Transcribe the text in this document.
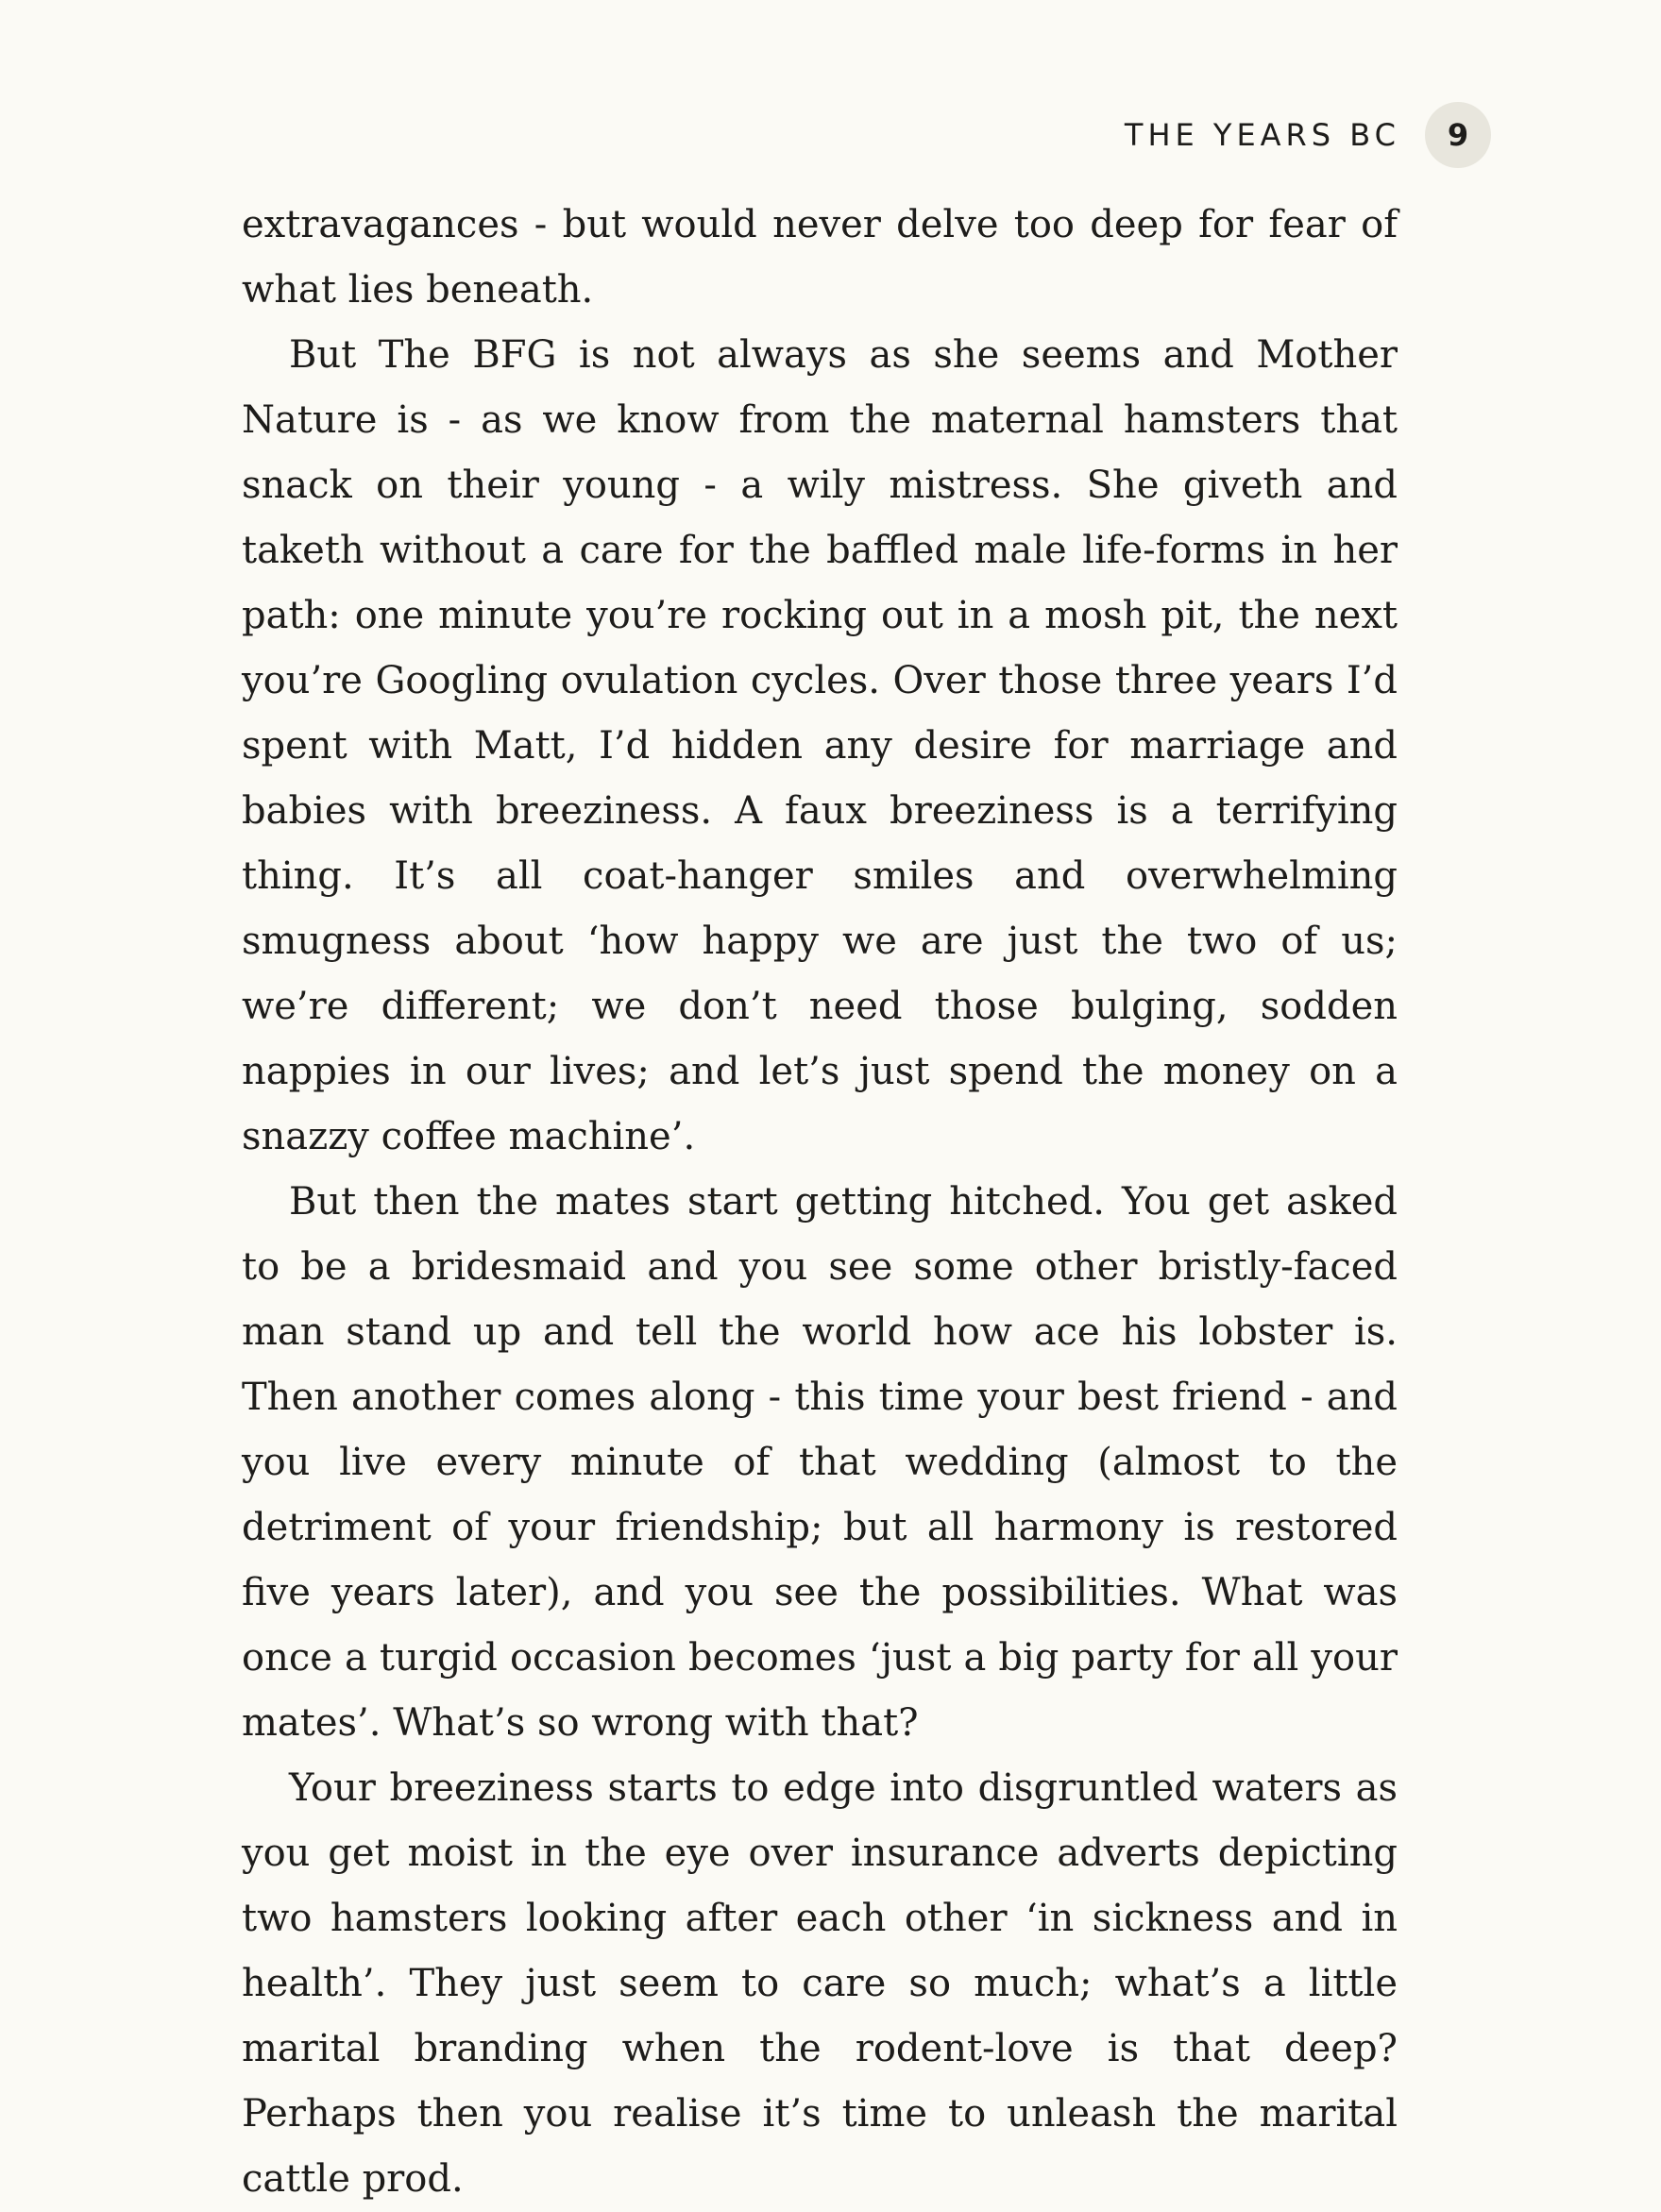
THE YEARS BC	9

extravagances - but would never delve too deep for fear of what lies beneath.

But The BFG is not always as she seems and Mother Nature is - as we know from the maternal hamsters that snack on their young - a wily mistress. She giveth and taketh without a care for the baffled male life-forms in her path: one minute you’re rocking out in a mosh pit, the next you’re Googling ovulation cycles. Over those three years I’d spent with Matt, I’d hidden any desire for marriage and babies with breeziness. A faux breeziness is a terrifying thing. It’s all coat-hanger smiles and overwhelming smugness about ‘how happy we are just the two of us; we’re different; we don’t need those bulging, sodden nappies in our lives; and let’s just spend the money on a snazzy coffee machine’.

But then the mates start getting hitched. You get asked to be a bridesmaid and you see some other bristly-faced man stand up and tell the world how ace his lobster is. Then another comes along - this time your best friend - and you live every minute of that wedding (almost to the detriment of your friendship; but all harmony is restored five years later), and you see the possibilities. What was once a turgid occasion becomes ‘just a big party for all your mates’. What’s so wrong with that?

Your breeziness starts to edge into disgruntled waters as you get moist in the eye over insurance adverts depicting two hamsters looking after each other ‘in sickness and in health’. They just seem to care so much; what’s a little marital branding when the rodent-love is that deep? Perhaps then you realise it’s time to unleash the marital cattle prod.
